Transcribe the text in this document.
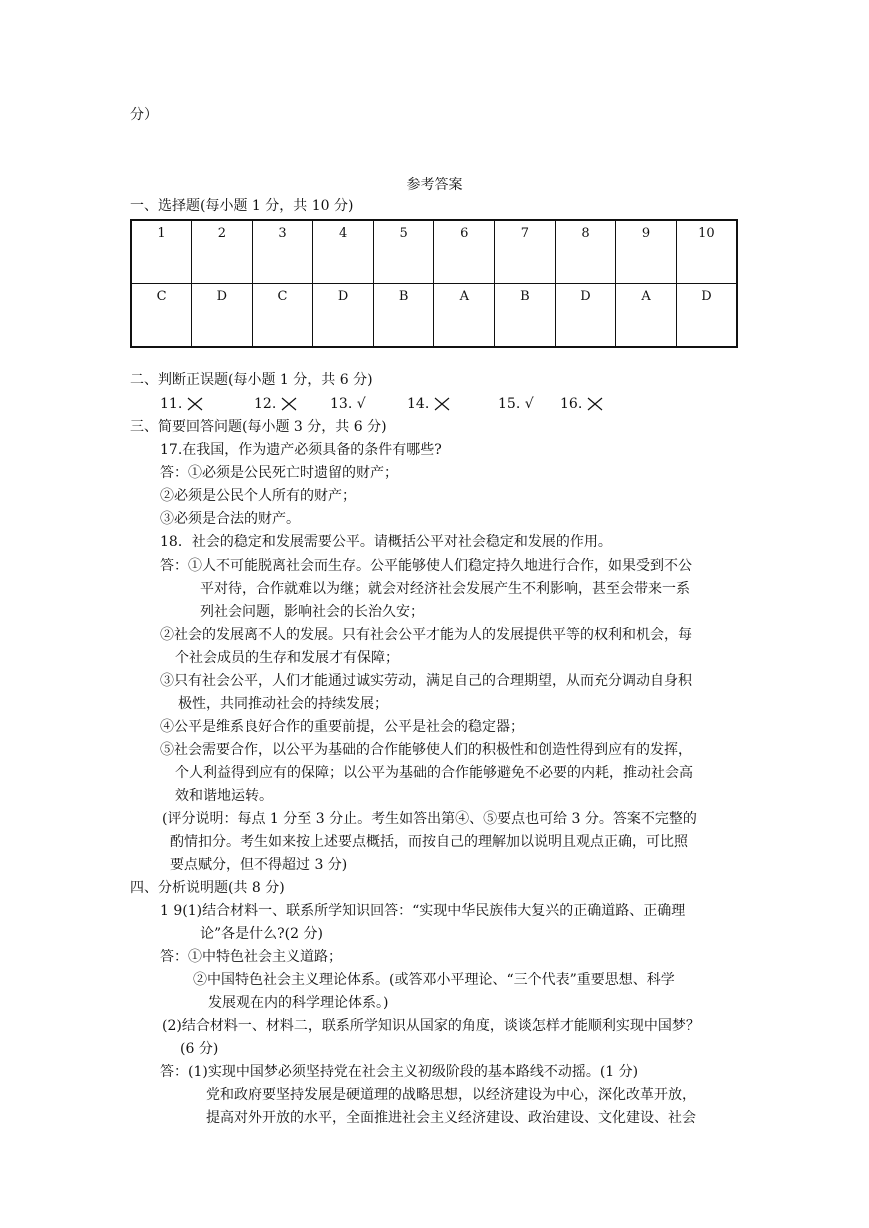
分）
参考答案
一、选择题(每小题 1 分，共 10 分)
1	2	3	4	5	6	7	8	9	10
C	D	C	D	B	A	B	D	A	D
二、判断正误题(每小题 1 分，共 6 分)
11.	12.	13. √	14.	15. √ 16.
三、简要回答问题(每小题 3 分，共 6 分)
17.在我国，作为遗产必须具备的条件有哪些?
答：①必须是公民死亡时遗留的财产；
②必须是公民个人所有的财产；
③必须是合法的财产。
18．社会的稳定和发展需要公平。请概括公平对社会稳定和发展的作用。
答：①人不可能脱离社会而生存。公平能够使人们稳定持久地进行合作，如果受到不公
平对待，合作就难以为继；就会对经济社会发展产生不利影响，甚至会带来一系
列社会问题，影响社会的长治久安；
②社会的发展离不人的发展。只有社会公平才能为人的发展提供平等的权利和机会，每
个社会成员的生存和发展才有保障；
③只有社会公平，人们才能通过诚实劳动，满足自己的合理期望，从而充分调动自身积
极性，共同推动社会的持续发展；
④公平是维系良好合作的重要前提，公平是社会的稳定器；
⑤社会需要合作，以公平为基础的合作能够使人们的积极性和创造性得到应有的发挥，
个人利益得到应有的保障；以公平为基础的合作能够避免不必要的内耗，推动社会高
效和谐地运转。
(评分说明：每点 1 分至 3 分止。考生如答出第④、⑤要点也可给 3 分。答案不完整的
酌情扣分。考生如来按上述要点概括，而按自己的理解加以说明且观点正确，可比照
要点赋分，但不得超过 3 分)
四、分析说明题(共 8 分)
1 9(1)结合材料一、联系所学知识回答：“实现中华民族伟大复兴的正确道路、正确理
论”各是什么?(2 分)
答：①中特色社会主义道路；
②中国特色社会主义理论体系。(或答邓小平理论、“三个代表”重要思想、科学
发展观在内的科学理论体系。)
(2)结合材料一、材料二，联系所学知识从国家的角度，谈谈怎样才能顺利实现中国梦？
(6 分)
答：(1)实现中国梦必须坚持党在社会主义初级阶段的基本路线不动摇。(1 分)
党和政府要坚持发展是硬道理的战略思想，以经济建设为中心，深化改革开放，
提高对外开放的水平，全面推进社会主义经济建设、政治建设、文化建设、社会
